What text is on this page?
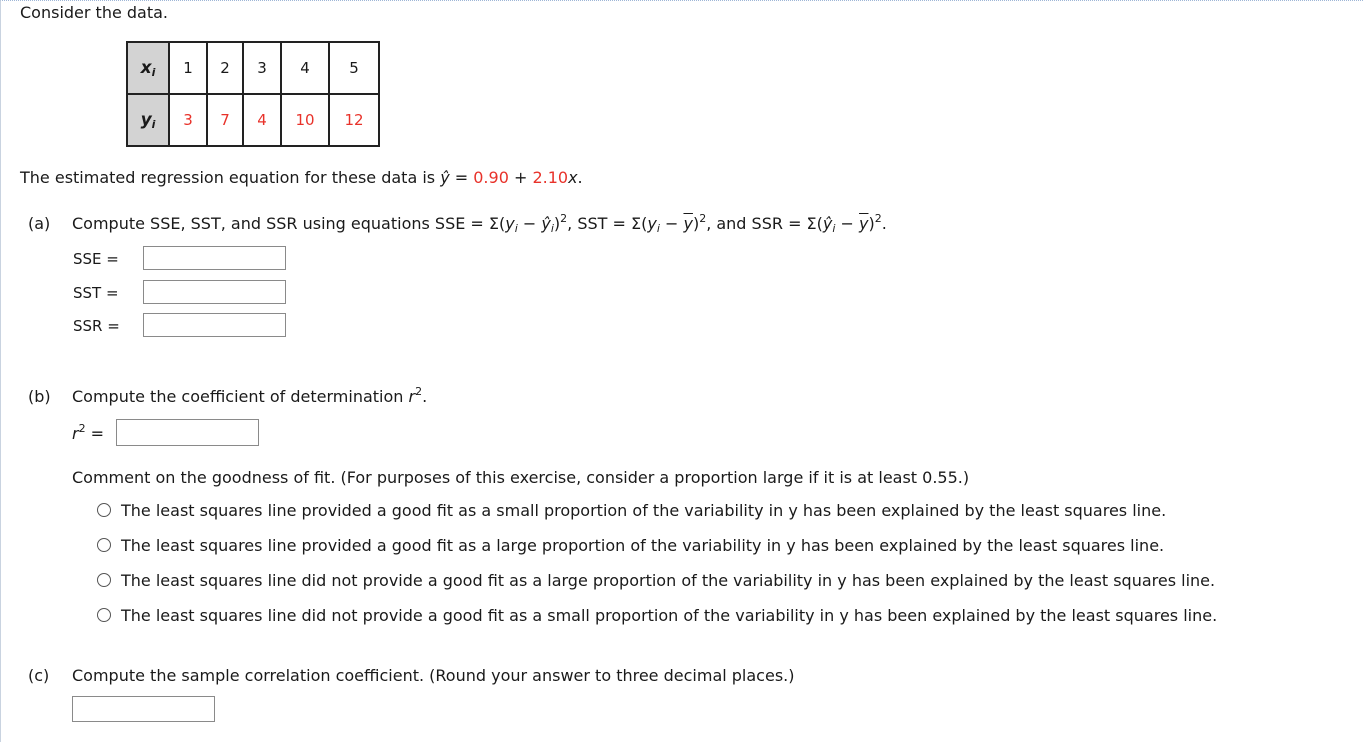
Consider the data.
$x_i$	1	2	3	4	5
$y_i$	3	7	4	10	12
The estimated regression equation for these data is ŷ = 0.90 + 2.10x.
(a) Compute SSE, SST, and SSR using equations SSE = $\Sigma(y_i$ − $ŷ_i)^2$, SST = $\Sigma(y_i - \overline{y})^2$, and SSR = $\Sigma(ŷ_i - \overline{y})^2$.
SSE =
SST =
SSR =
(b) Compute the coefficient of determination $r^2$.
$r^2$ =
Comment on the goodness of fit. (For purposes of this exercise, consider a proportion large if it is at least 0.55.)
The least squares line provided a good fit as a small proportion of the variability in y has been explained by the least squares line.
The least squares line provided a good fit as a large proportion of the variability in y has been explained by the least squares line.
The least squares line did not provide a good fit as a large proportion of the variability in y has been explained by the least squares line.
The least squares line did not provide a good fit as a small proportion of the variability in y has been explained by the least squares line.
(c) Compute the sample correlation coefficient. (Round your answer to three decimal places.)
